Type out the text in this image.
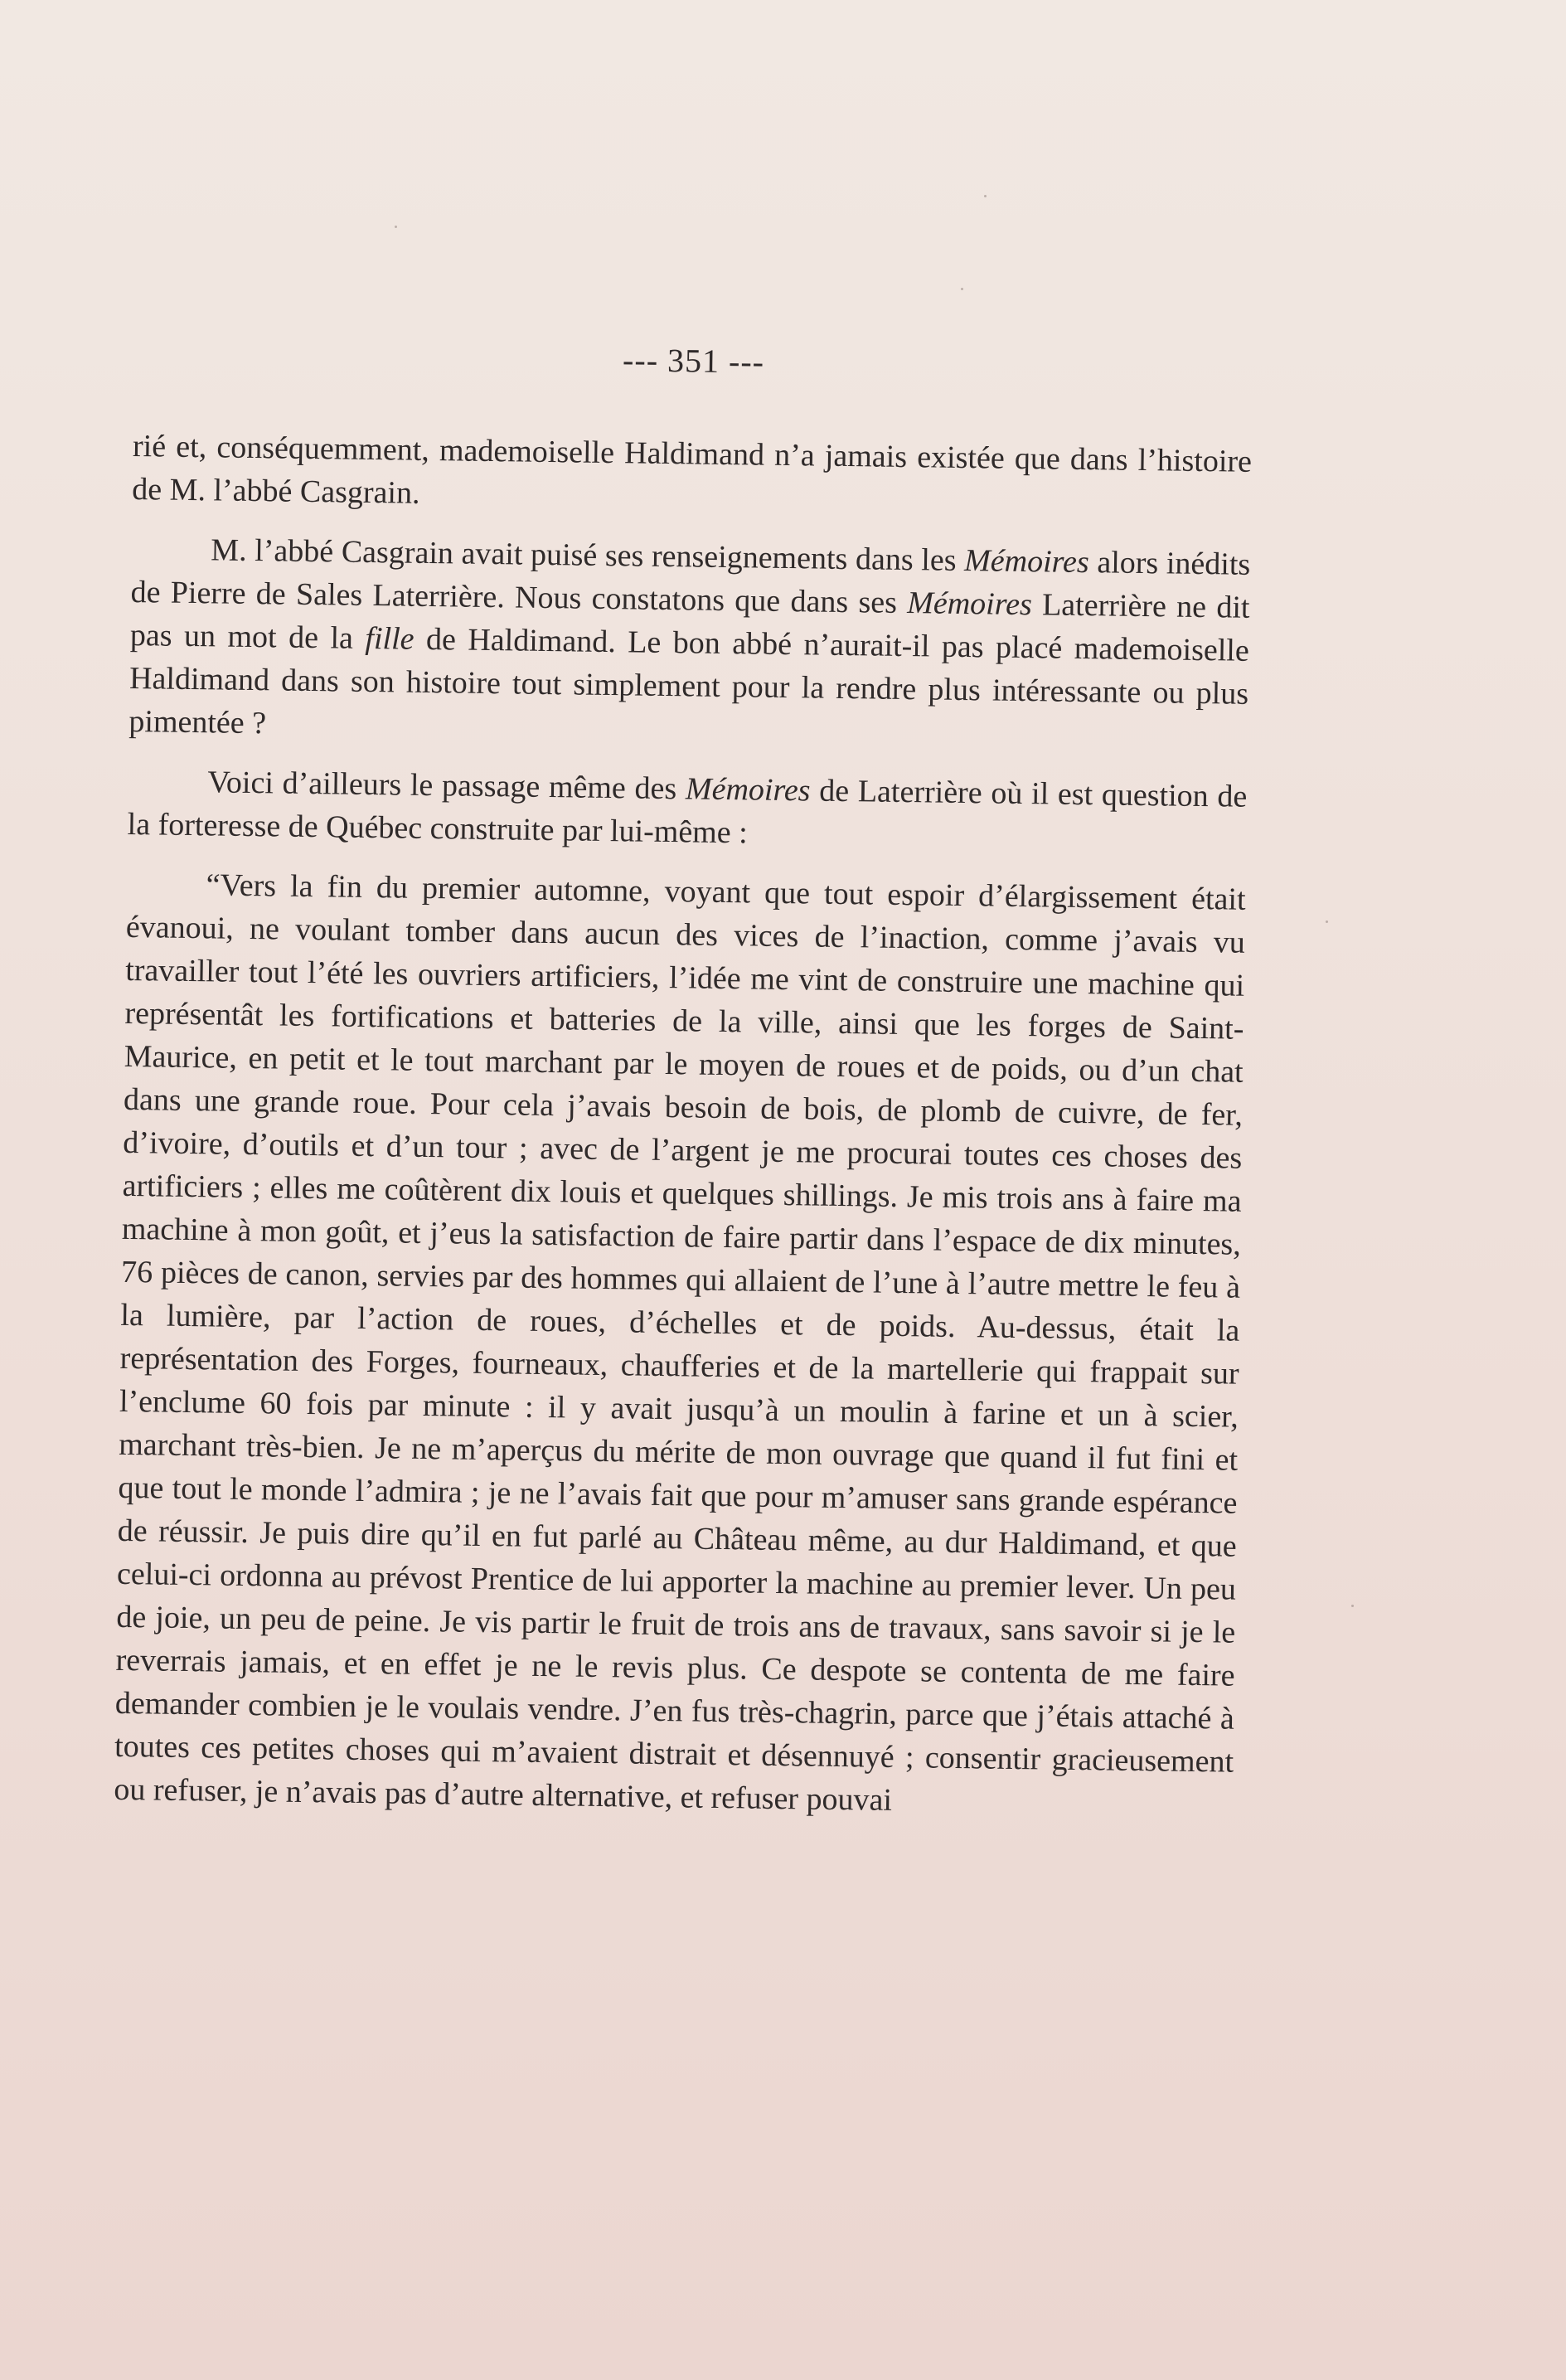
--- 351 ---

rié et, conséquemment, mademoiselle Haldimand n’a jamais existée que dans l’histoire de M. l’abbé Casgrain.

M. l’abbé Casgrain avait puisé ses renseignements dans les Mémoires alors inédits de Pierre de Sales Laterrière. Nous constatons que dans ses Mémoires Laterrière ne dit pas un mot de la fille de Haldimand. Le bon abbé n’aurait-il pas placé mademoiselle Haldimand dans son histoire tout simplement pour la rendre plus intéressante ou plus pimentée ?

Voici d’ailleurs le passage même des Mémoires de Laterrière où il est question de la forteresse de Québec construite par lui-même :

“Vers la fin du premier automne, voyant que tout espoir d’élargissement était évanoui, ne voulant tomber dans aucun des vices de l’inaction, comme j’avais vu travailler tout l’été les ouvriers artificiers, l’idée me vint de construire une machine qui représentât les fortifications et batteries de la ville, ainsi que les forges de Saint-Maurice, en petit et le tout marchant par le moyen de roues et de poids, ou d’un chat dans une grande roue. Pour cela j’avais besoin de bois, de plomb de cuivre, de fer, d’ivoire, d’outils et d’un tour ; avec de l’argent je me procurai toutes ces choses des artificiers ; elles me coûtèrent dix louis et quelques shillings. Je mis trois ans à faire ma machine à mon goût, et j’eus la satisfaction de faire partir dans l’espace de dix minutes, 76 pièces de canon, servies par des hommes qui allaient de l’une à l’autre mettre le feu à la lumière, par l’action de roues, d’échelles et de poids. Au-dessus, était la représentation des Forges, fourneaux, chaufferies et de la martellerie qui frappait sur l’enclume 60 fois par minute : il y avait jusqu’à un moulin à farine et un à scier, marchant très-bien. Je ne m’aperçus du mérite de mon ouvrage que quand il fut fini et que tout le monde l’admira ; je ne l’avais fait que pour m’amuser sans grande espérance de réussir. Je puis dire qu’il en fut parlé au Château même, au dur Haldimand, et que celui-ci ordonna au prévost Prentice de lui apporter la machine au premier lever. Un peu de joie, un peu de peine. Je vis partir le fruit de trois ans de travaux, sans savoir si je le reverrais jamais, et en effet je ne le revis plus. Ce despote se contenta de me faire demander combien je le voulais vendre. J’en fus très-chagrin, parce que j’étais attaché à toutes ces petites choses qui m’avaient distrait et désennuyé ; consentir gracieusement ou refuser, je n’avais pas d’autre alternative, et refuser pouvai
